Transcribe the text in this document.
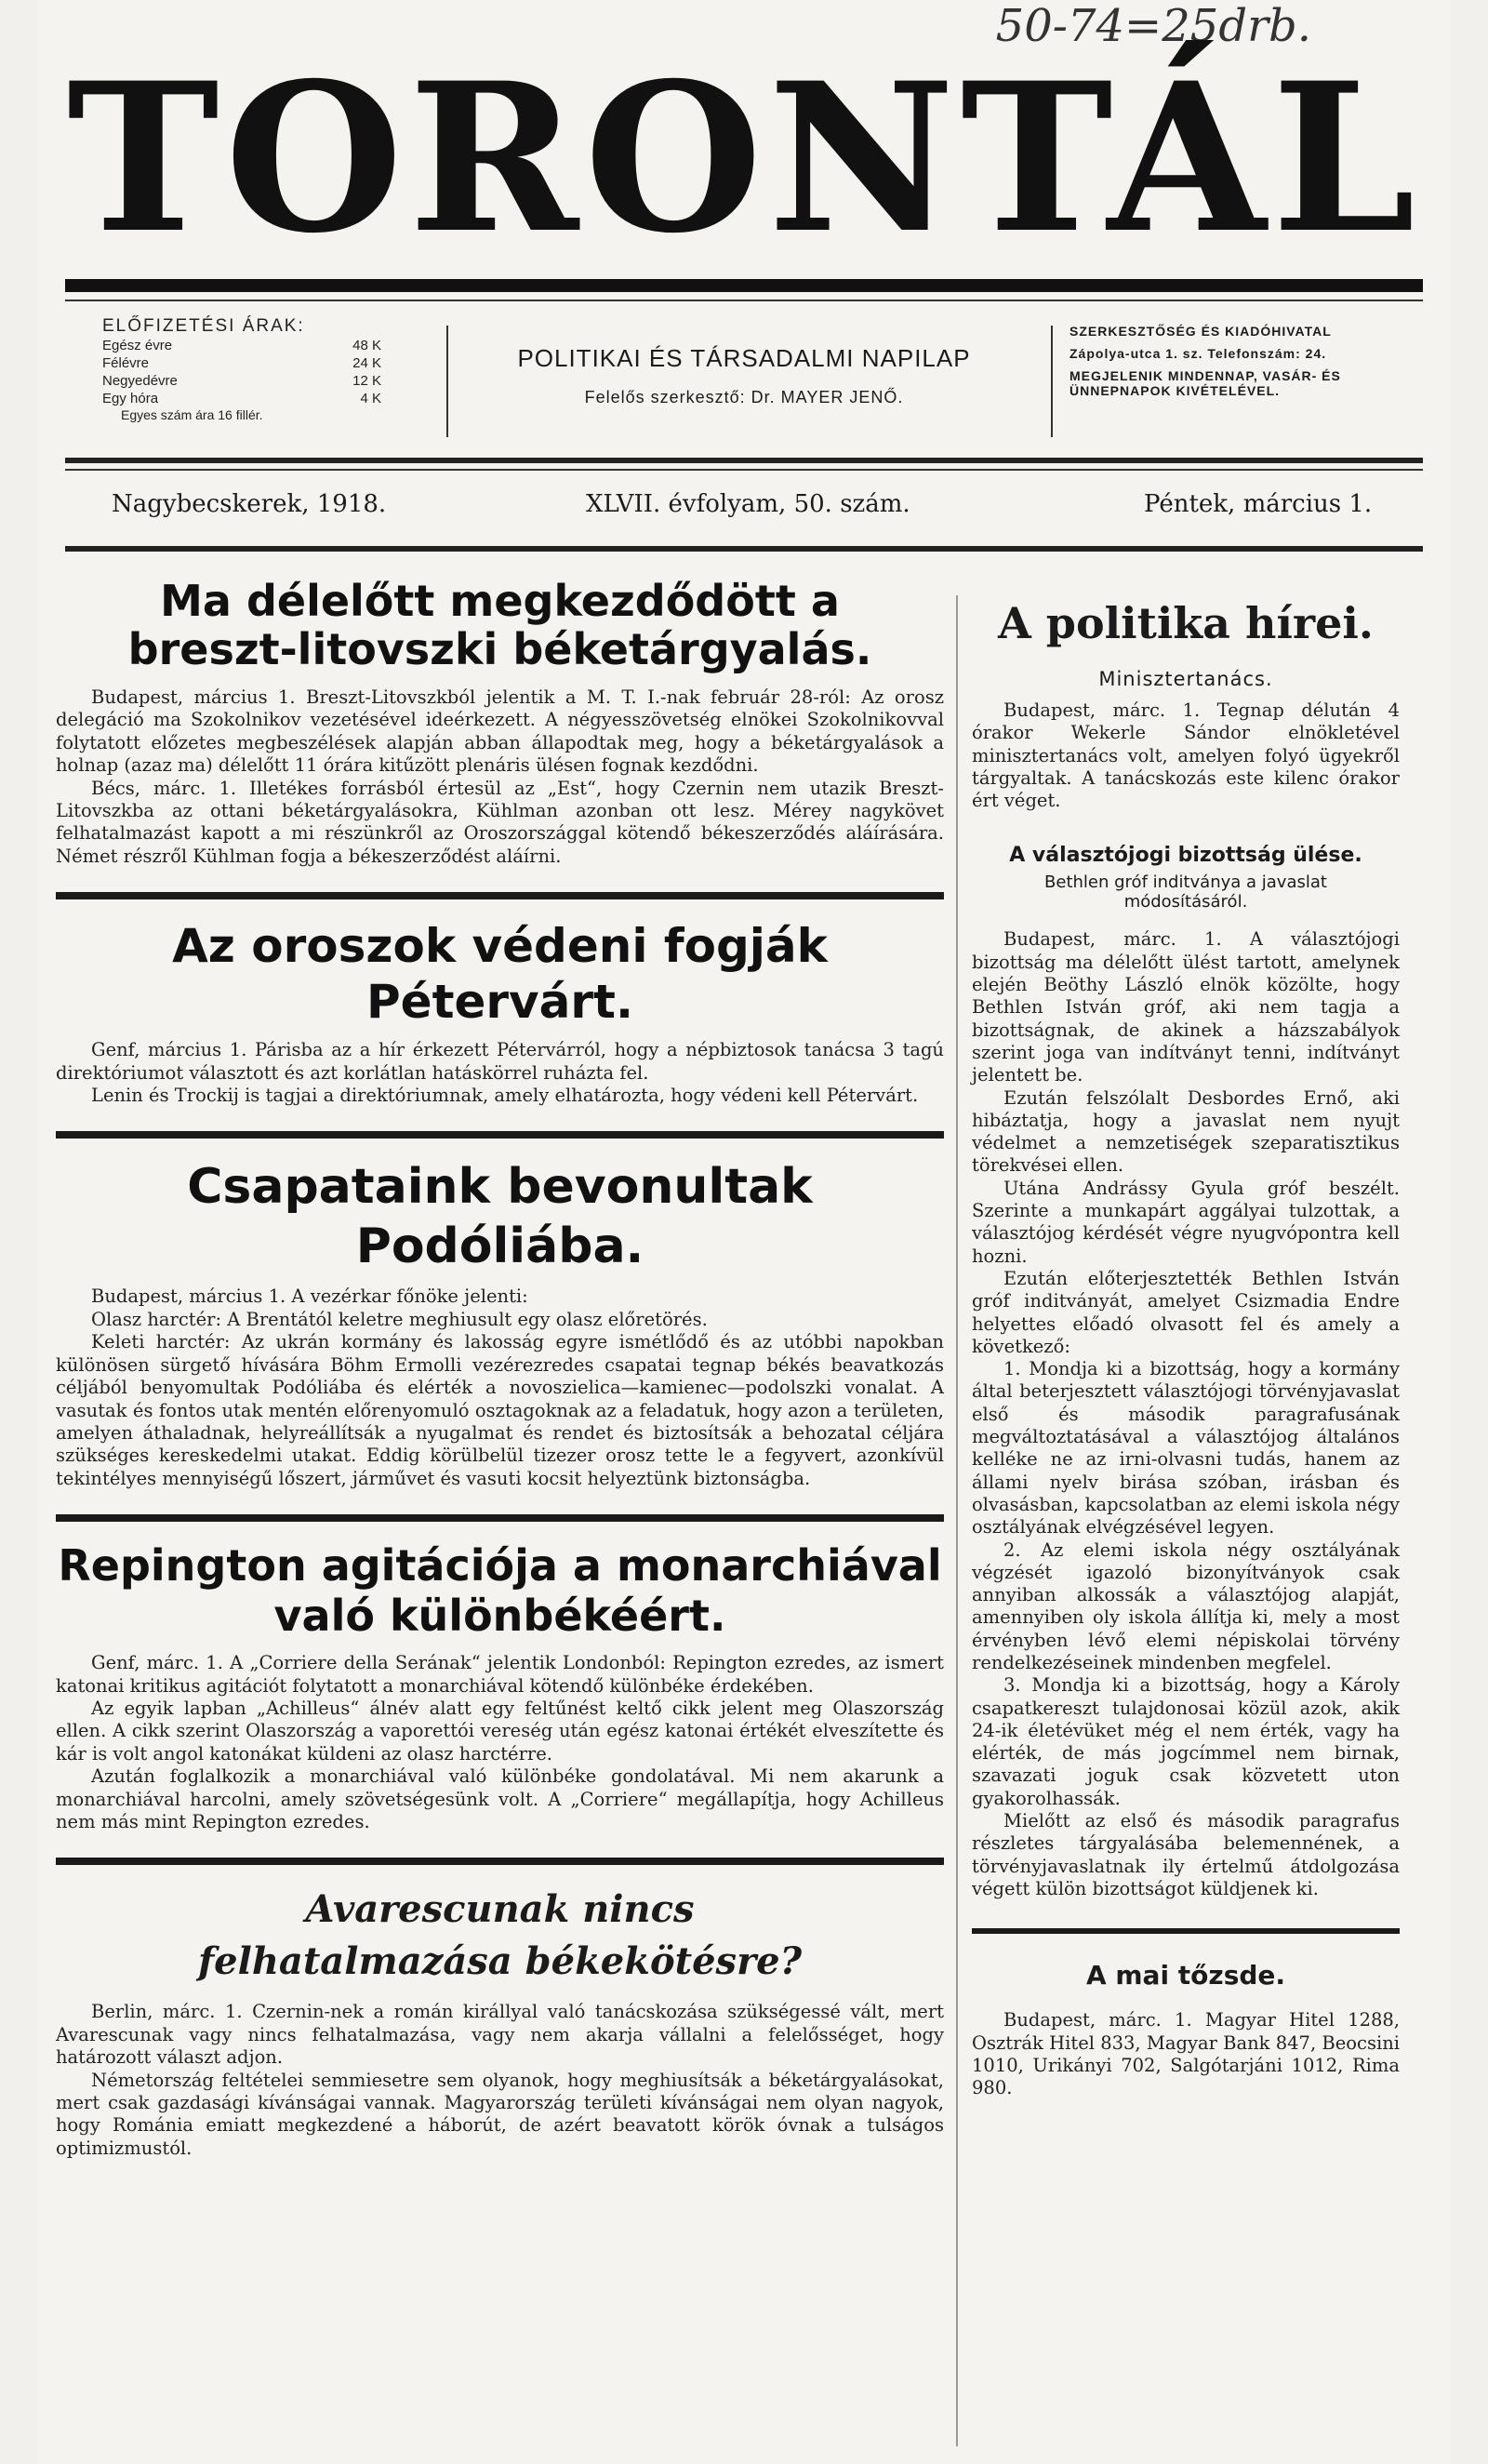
50-74=25drb.
TORONTÁL
ELŐFIZETÉSI ÁRAK:
Egész évre	48 K
Félévre	24 K
Negyedévre	12 K
Egy hóra	4 K
Egyes szám ára 16 fillér.
POLITIKAI ÉS TÁRSADALMI NAPILAP
Felelős szerkesztő: Dr. MAYER JENŐ.
SZERKESZTŐSÉG ÉS KIADÓHIVATAL
Zápolya-utca 1. sz. Telefonszám: 24.
MEGJELENIK MINDENNAP, VASÁR- ÉS ÜNNEPNAPOK KIVÉTELÉVEL.
Nagybecskerek, 1918.	XLVII. évfolyam, 50. szám.	Péntek, március 1.
Ma délelőtt megkezdődött a breszt-litovszki béketárgyalás.

Budapest, március 1. Breszt-Litovszkból jelentik a M. T. I.-nak február 28-ról: Az orosz delegáció ma Szokolnikov vezetésével ideérkezett. A négyesszövetség elnökei Szokolnikovval folytatott előzetes megbeszélések alapján abban állapodtak meg, hogy a béketárgyalások a holnap (azaz ma) délelőtt 11 órára kitűzött plenáris ülésen fognak kezdődni.

Bécs, márc. 1. Illetékes forrásból értesül az „Est“, hogy Czernin nem utazik Breszt-Litovszkba az ottani béketárgyalásokra, Kühlman azonban ott lesz. Mérey nagykövet felhatalmazást kapott a mi részünkről az Oroszországgal kötendő békeszerződés aláírására. Német részről Kühlman fogja a békeszerződést aláírni.

Az oroszok védeni fogják Pétervárt.

Genf, március 1. Párisba az a hír érkezett Pétervárról, hogy a népbiztosok tanácsa 3 tagú direktóriumot választott és azt korlátlan hatáskörrel ruházta fel.

Lenin és Trockij is tagjai a direktóriumnak, amely elhatározta, hogy védeni kell Pétervárt.

Csapataink bevonultak Podóliába.

Budapest, március 1. A vezérkar főnöke jelenti:

Olasz harctér: A Brentától keletre meghiusult egy olasz előretörés.

Keleti harctér: Az ukrán kormány és lakosság egyre ismétlődő és az utóbbi napokban különösen sürgető hívására Böhm Ermolli vezérezredes csapatai tegnap békés beavatkozás céljából benyomultak Podóliába és elérték a novoszielica—kamienec—podolszki vonalat. A vasutak és fontos utak mentén előrenyomuló osztagoknak az a feladatuk, hogy azon a területen, amelyen áthaladnak, helyreállítsák a nyugalmat és rendet és biztosítsák a behozatal céljára szükséges kereskedelmi utakat. Eddig körülbelül tizezer orosz tette le a fegyvert, azonkívül tekintélyes mennyiségű lőszert, járművet és vasuti kocsit helyeztünk biztonságba.

Repington agitációja a monarchiával való különbékéért.

Genf, márc. 1. A „Corriere della Serának“ jelentik Londonból: Repington ezredes, az ismert katonai kritikus agitációt folytatott a monarchiával kötendő különbéke érdekében.

Az egyik lapban „Achilleus“ álnév alatt egy feltűnést keltő cikk jelent meg Olaszország ellen. A cikk szerint Olaszország a vaporettói vereség után egész katonai értékét elveszítette és kár is volt angol katonákat küldeni az olasz harctérre.

Azután foglalkozik a monarchiával való különbéke gondolatával. Mi nem akarunk a monarchiával harcolni, amely szövetségesünk volt. A „Corriere“ megállapítja, hogy Achilleus nem más mint Repington ezredes.

Avarescunak nincs felhatalmazása békekötésre?

Berlin, márc. 1. Czernin-nek a román királlyal való tanácskozása szükségessé vált, mert Avarescunak vagy nincs felhatalmazása, vagy nem akarja vállalni a felelősséget, hogy határozott választ adjon.

Németország feltételei semmiesetre sem olyanok, hogy meghiusítsák a béketárgyalásokat, mert csak gazdasági kívánságai vannak. Magyarország területi kívánságai nem olyan nagyok, hogy Románia emiatt megkezdené a háborút, de azért beavatott körök óvnak a tulságos optimizmustól.

A politika hírei.
Minisztertanács.

Budapest, márc. 1. Tegnap délután 4 órakor Wekerle Sándor elnökletével minisztertanács volt, amelyen folyó ügyekről tárgyaltak. A tanácskozás este kilenc órakor ért véget.

A választójogi bizottság ülése.
Bethlen gróf inditványa a javaslat módosításáról.

Budapest, márc. 1. A választójogi bizottság ma délelőtt ülést tartott, amelynek elején Beöthy László elnök közölte, hogy Bethlen István gróf, aki nem tagja a bizottságnak, de akinek a házszabályok szerint joga van indítványt tenni, indítványt jelentett be.

Ezután felszólalt Desbordes Ernő, aki hibáztatja, hogy a javaslat nem nyujt védelmet a nemzetiségek szeparatisztikus törekvései ellen.

Utána Andrássy Gyula gróf beszélt. Szerinte a munkapárt aggályai tulzottak, a választójog kérdését végre nyugvópontra kell hozni.

Ezután előterjesztették Bethlen István gróf inditványát, amelyet Csizmadia Endre helyettes előadó olvasott fel és amely a következő:

1. Mondja ki a bizottság, hogy a kormány által beterjesztett választójogi törvényjavaslat első és második paragrafusának megváltoztatásával a választójog általános kelléke ne az irni-olvasni tudás, hanem az állami nyelv birása szóban, irásban és olvasásban, kapcsolatban az elemi iskola négy osztályának elvégzésével legyen.

2. Az elemi iskola négy osztályának végzését igazoló bizonyítványok csak annyiban alkossák a választójog alapját, amennyiben oly iskola állítja ki, mely a most érvényben lévő elemi népiskolai törvény rendelkezéseinek mindenben megfelel.

3. Mondja ki a bizottság, hogy a Károly csapatkereszt tulajdonosai közül azok, akik 24-ik életévüket még el nem érték, vagy ha elérték, de más jogcímmel nem birnak, szavazati joguk csak közvetett uton gyakorolhassák.

Mielőtt az első és második paragrafus részletes tárgyalásába belemennének, a törvényjavaslatnak ily értelmű átdolgozása végett külön bizottságot küldjenek ki.

A mai tőzsde.

Budapest, márc. 1. Magyar Hitel 1288, Osztrák Hitel 833, Magyar Bank 847, Beocsini 1010, Urikányi 702, Salgótarjáni 1012, Rima 980.
